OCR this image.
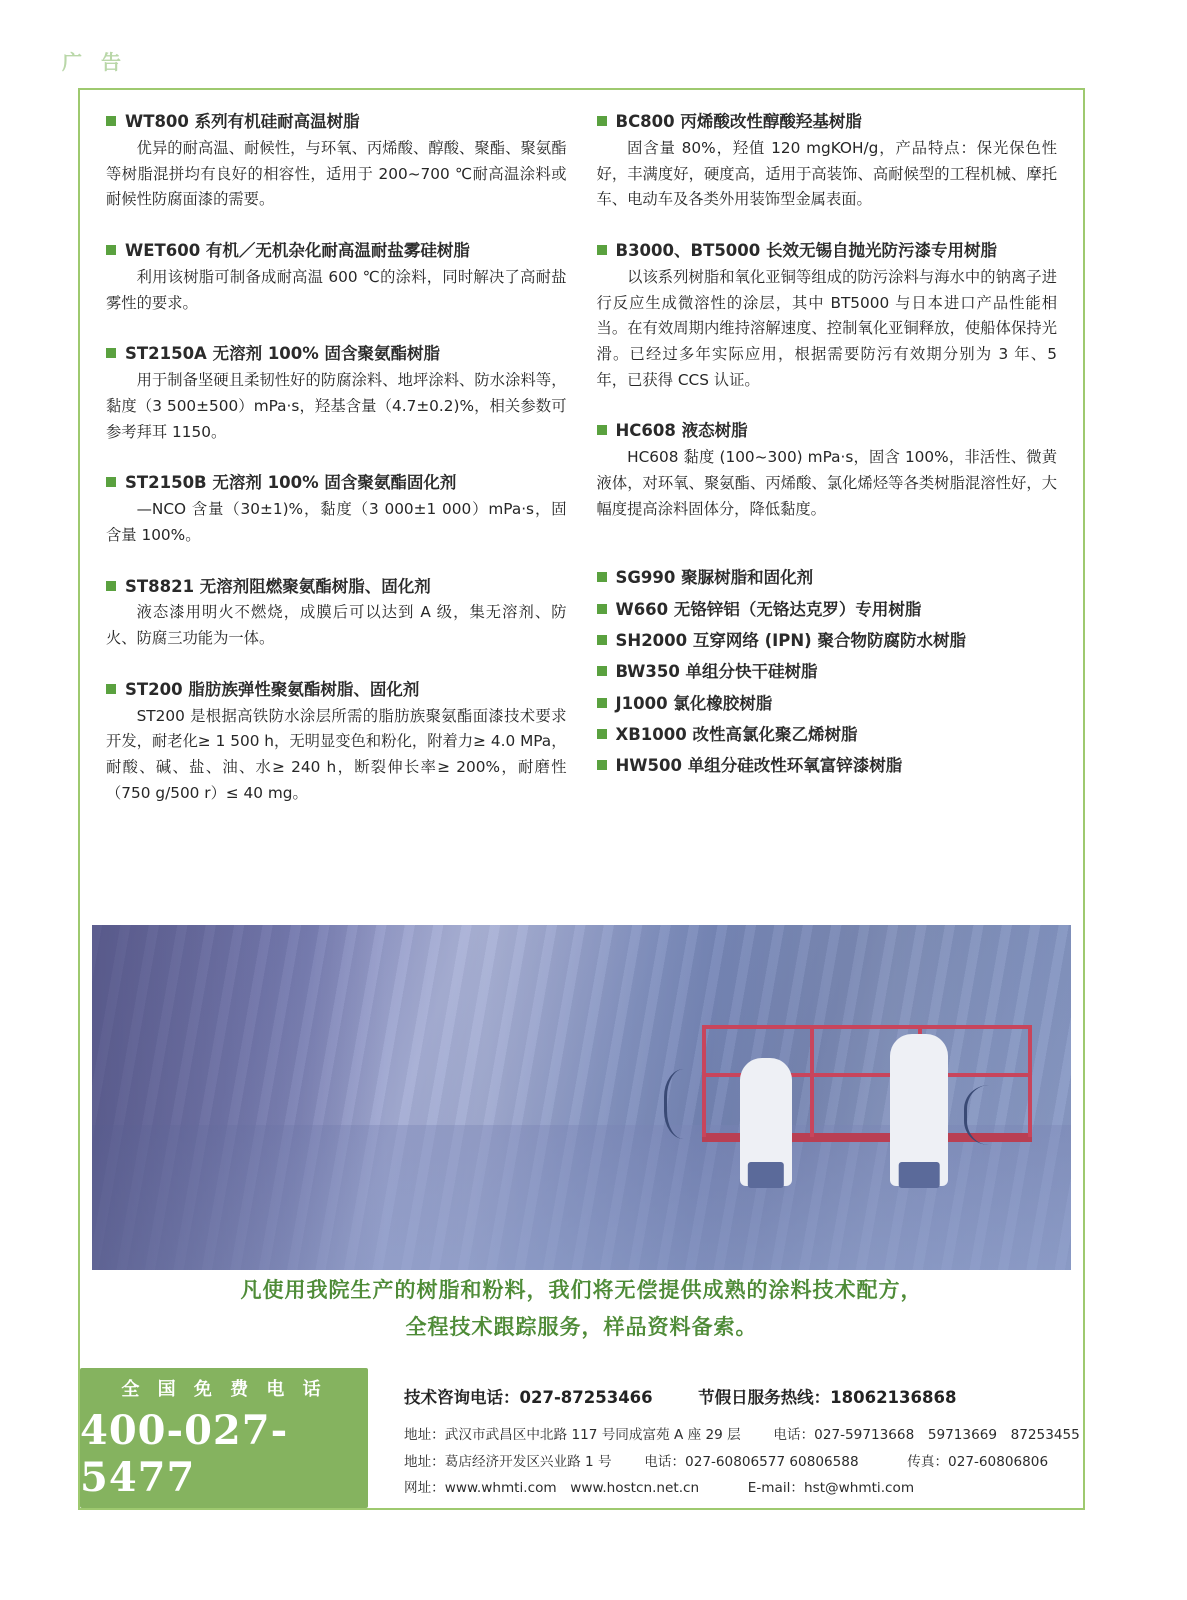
广 告
WT800 系列有机硅耐高温树脂

优异的耐高温、耐候性，与环氧、丙烯酸、醇酸、聚酯、聚氨酯等树脂混拼均有良好的相容性，适用于 200~700 ℃耐高温涂料或耐候性防腐面漆的需要。

WET600 有机／无机杂化耐高温耐盐雾硅树脂

利用该树脂可制备成耐高温 600 ℃的涂料，同时解决了高耐盐雾性的要求。

ST2150A 无溶剂 100% 固含聚氨酯树脂

用于制备坚硬且柔韧性好的防腐涂料、地坪涂料、防水涂料等，黏度（3 500±500）mPa·s，羟基含量（4.7±0.2)%，相关参数可参考拜耳 1150。

ST2150B 无溶剂 100% 固含聚氨酯固化剂

—NCO 含量（30±1)%，黏度（3 000±1 000）mPa·s，固含量 100%。

ST8821 无溶剂阻燃聚氨酯树脂、固化剂

液态漆用明火不燃烧，成膜后可以达到 A 级，集无溶剂、防火、防腐三功能为一体。

ST200 脂肪族弹性聚氨酯树脂、固化剂

ST200 是根据高铁防水涂层所需的脂肪族聚氨酯面漆技术要求开发，耐老化≥ 1 500 h，无明显变色和粉化，附着力≥ 4.0 MPa，耐酸、碱、盐、油、水≥ 240 h，断裂伸长率≥ 200%，耐磨性（750 g/500 r）≤ 40 mg。

BC800 丙烯酸改性醇酸羟基树脂

固含量 80%，羟值 120 mgKOH/g，产品特点：保光保色性好，丰满度好，硬度高，适用于高装饰、高耐候型的工程机械、摩托车、电动车及各类外用装饰型金属表面。

B3000、BT5000 长效无锡自抛光防污漆专用树脂

以该系列树脂和氧化亚铜等组成的防污涂料与海水中的钠离子进行反应生成微溶性的涂层，其中 BT5000 与日本进口产品性能相当。在有效周期内维持溶解速度、控制氧化亚铜释放，使船体保持光滑。已经过多年实际应用，根据需要防污有效期分别为 3 年、5 年，已获得 CCS 认证。

HC608 液态树脂

HC608 黏度 (100~300) mPa·s，固含 100%，非活性、微黄液体，对环氧、聚氨酯、丙烯酸、氯化烯烃等各类树脂混溶性好，大幅度提高涂料固体分，降低黏度。

SG990 聚脲树脂和固化剂
W660 无铬锌铝（无铬达克罗）专用树脂
SH2000 互穿网络 (IPN) 聚合物防腐防水树脂
BW350 单组分快干硅树脂
J1000 氯化橡胶树脂
XB1000 改性高氯化聚乙烯树脂
HW500 单组分硅改性环氧富锌漆树脂
凡使用我院生产的树脂和粉料，我们将无偿提供成熟的涂料技术配方，
全程技术跟踪服务，样品资料备索。
全 国 免 费 电 话
400-027-5477
技术咨询电话：027-87253466	节假日服务热线：18062136868
地址：武汉市武昌区中北路 117 号同成富苑 A 座 29 层 电话：027-59713668　59713669　87253455
地址：葛店经济开发区兴业路 1 号 电话：027-60806577 60806588	传真：027-60806806
网址：www.whmti.com　www.hostcn.net.cn	E-mail：hst@whmti.com
